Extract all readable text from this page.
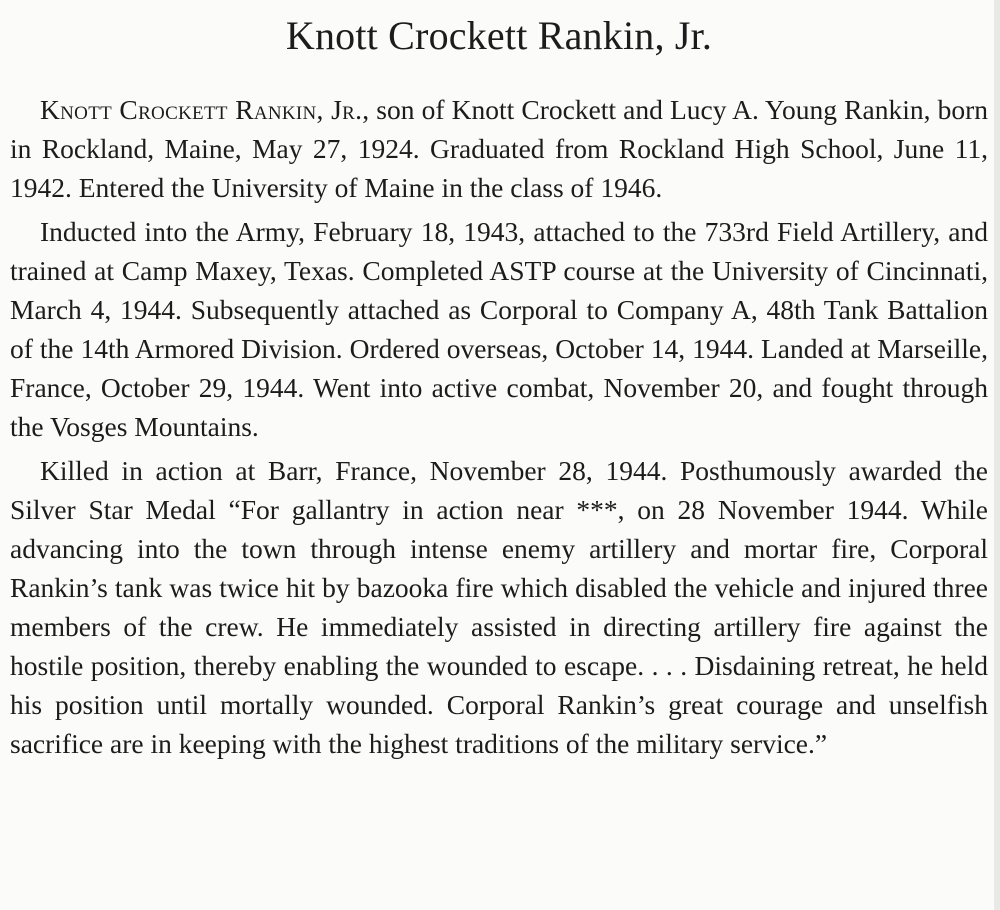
Knott Crockett Rankin, Jr.

Knott Crockett Rankin, Jr., son of Knott Crockett and Lucy A. Young Rankin, born in Rockland, Maine, May 27, 1924. Graduated from Rockland High School, June 11, 1942. Entered the University of Maine in the class of 1946.

Inducted into the Army, February 18, 1943, attached to the 733rd Field Artillery, and trained at Camp Maxey, Texas. Completed ASTP course at the University of Cincinnati, March 4, 1944. Subsequently attached as Corporal to Company A, 48th Tank Battalion of the 14th Armored Division. Ordered overseas, October 14, 1944. Landed at Marseille, France, October 29, 1944. Went into active combat, November 20, and fought through the Vosges Mountains.

Killed in action at Barr, France, November 28, 1944. Posthumously awarded the Silver Star Medal “For gallantry in action near ***, on 28 November 1944. While advancing into the town through intense enemy artillery and mortar fire, Corporal Rankin’s tank was twice hit by bazooka fire which disabled the vehicle and injured three members of the crew. He immediately assisted in directing artillery fire against the hostile position, thereby enabling the wounded to escape. . . . Disdaining retreat, he held his position until mortally wounded. Corporal Rankin’s great courage and unselfish sacrifice are in keeping with the highest traditions of the military service.”
